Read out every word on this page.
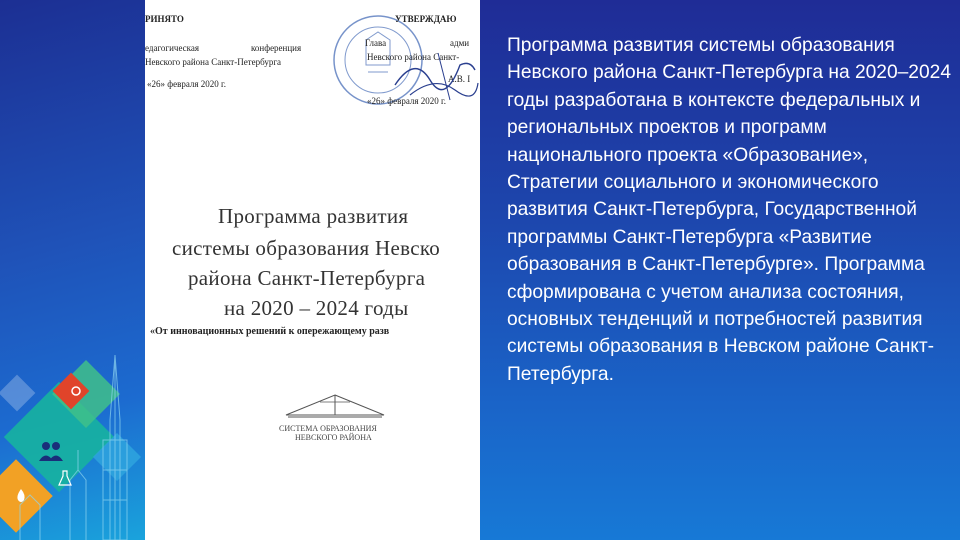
РИНЯТО
едагогическая	конференция
Невского района Санкт-Петербурга
«26» февраля 2020 г.
УТВЕРЖДАЮ
Глава	адми
Невского района Санкт-
А.В. І
«26» февраля 2020 г.
Программа развития
системы образования Невско
района Санкт-Петербурга
на 2020 – 2024 годы
«От инновационных решений к опережающему разв
СИСТЕМА ОБРАЗОВАНИЯ
НЕВСКОГО РАЙОНА

Программа развития системы образования Невского района Санкт-Петербурга на 2020–2024 годы разработана в контексте федеральных и региональных проектов и программ национального проекта «Образование», Стратегии социального и экономического развития Санкт-Петербурга, Государственной программы Санкт-Петербурга «Развитие образования в Санкт-Петербурге». Программа сформирована с учетом анализа состояния, основных тенденций и потребностей развития системы образования в Невском районе Санкт-Петербурга.
